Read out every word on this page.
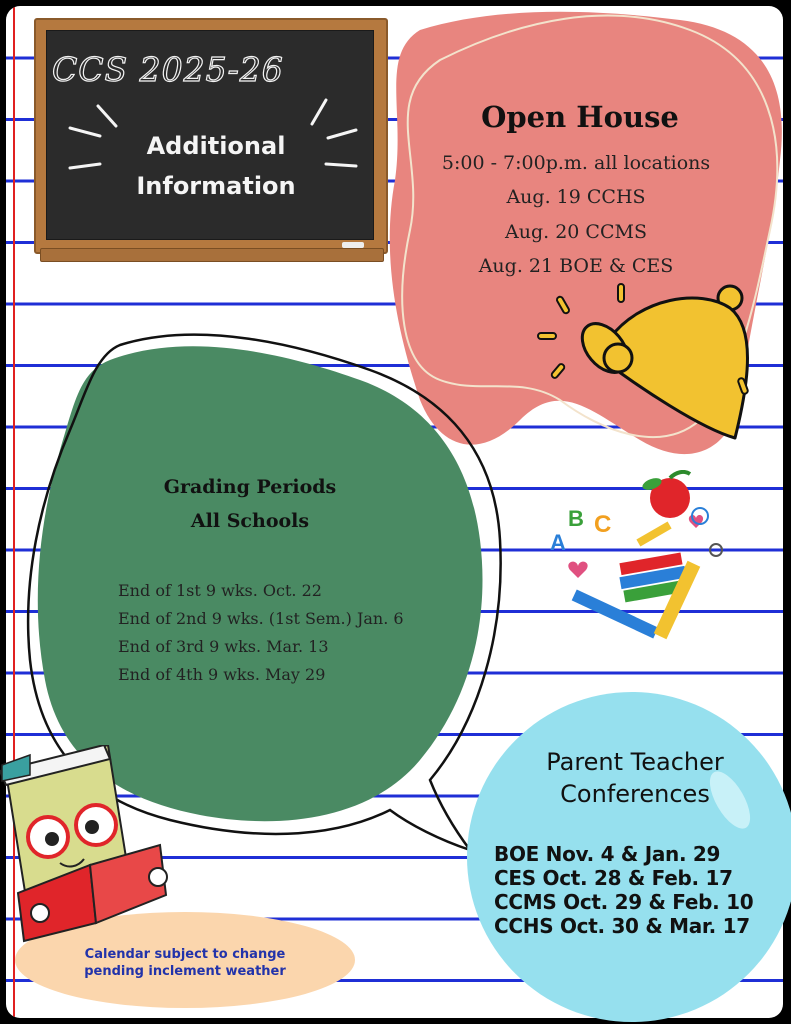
CCS 2025-26
Additional
Information
Open House
5:00 - 7:00p.m. all locations
Aug. 19 CCHS
Aug. 20 CCMS
Aug. 21 BOE & CES
Grading Periods
All Schools
End of 1st 9 wks. Oct. 22
End of 2nd 9 wks. (1st Sem.) Jan. 6
End of 3rd 9 wks. Mar. 13
End of 4th 9 wks. May 29
A
B C
Parent Teacher
Conferences
BOE Nov. 4 & Jan. 29
CES Oct. 28 & Feb. 17
CCMS Oct. 29 & Feb. 10
CCHS Oct. 30 & Mar. 17
Calendar subject to change
pending inclement weather
